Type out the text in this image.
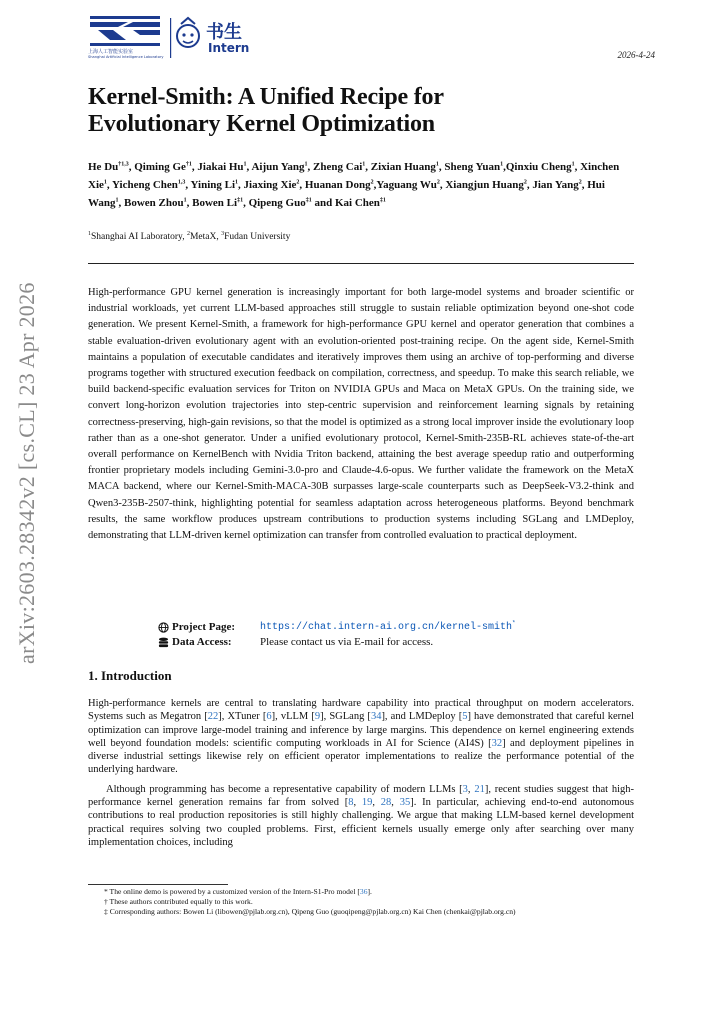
上海人工智能实验室
Shanghai Artificial Intelligence Laboratory
书生
Intern	2026-4-24
arXiv:2603.28342v2 [cs.CL] 23 Apr 2026
Kernel-Smith: A Unified Recipe for
Evolutionary Kernel Optimization
He Du$^{\dagger 1,3}$, Qiming Ge$^{\dagger 1}$, Jiakai Hu$^1$, Aijun Yang$^1$, Zheng Cai$^1$, Zixian Huang$^1$, Sheng Yuan$^1$,Qinxiu Cheng$^1$, Xinchen Xie$^1$, Yicheng Chen$^{1,3}$, Yining Li$^1$, Jiaxing Xie$^2$, Huanan Dong$^2$,Yaguang Wu$^2$, Xiangjun Huang$^2$, Jian Yang$^2$, Hui Wang$^1$, Bowen Zhou$^1$, Bowen Li$^{\ddagger 1}$, Qipeng Guo$^{\ddagger 1}$ and Kai Chen$^{\ddagger 1}$
$^1$Shanghai AI Laboratory, $^2$MetaX, $^3$Fudan University
High-performance GPU kernel generation is increasingly important for both large-model systems and broader scientific or industrial workloads, yet current LLM-based approaches still struggle to sustain reliable optimization beyond one-shot code generation. We present Kernel-Smith, a framework for high-performance GPU kernel and operator generation that combines a stable evaluation-driven evolutionary agent with an evolution-oriented post-training recipe. On the agent side, Kernel-Smith maintains a population of executable candidates and iteratively improves them using an archive of top-performing and diverse programs together with structured execution feedback on compilation, correctness, and speedup. To make this search reliable, we build backend-specific evaluation services for Triton on NVIDIA GPUs and Maca on MetaX GPUs. On the training side, we convert long-horizon evolution trajectories into step-centric supervision and reinforcement learning signals by retaining correctness-preserving, high-gain revisions, so that the model is optimized as a strong local improver inside the evolutionary loop rather than as a one-shot generator. Under a unified evolutionary protocol, Kernel-Smith-235B-RL achieves state-of-the-art overall performance on KernelBench with Nvidia Triton backend, attaining the best average speedup ratio and outperforming frontier proprietary models including Gemini-3.0-pro and Claude-4.6-opus. We further validate the framework on the MetaX MACA backend, where our Kernel-Smith-MACA-30B surpasses large-scale counterparts such as DeepSeek-V3.2-think and Qwen3-235B-2507-think, highlighting potential for seamless adaptation across heterogeneous platforms. Beyond benchmark results, the same workflow produces upstream contributions to production systems including SGLang and LMDeploy, demonstrating that LLM-driven kernel optimization can transfer from controlled evaluation to practical deployment.
Project Page: https://chat.intern-ai.org.cn/kernel-smith*
Data Access:	Please contact us via E-mail for access.
1. Introduction

High-performance kernels are central to translating hardware capability into practical throughput on modern accelerators. Systems such as Megatron [22], XTuner [6], vLLM [9], SGLang [34], and LMDeploy [5] have demonstrated that careful kernel optimization can improve large-model training and inference by large margins. This dependence on kernel engineering extends well beyond foundation models: scientific computing workloads in AI for Science (AI4S) [32] and deployment pipelines in diverse industrial settings likewise rely on efficient operator implementations to realize the performance potential of the underlying hardware.

Although programming has become a representative capability of modern LLMs [3, 21], recent studies suggest that high-performance kernel generation remains far from solved [8, 19, 28, 35]. In particular, achieving end-to-end autonomous contributions to real production repositories is still highly challenging. We argue that making LLM-based kernel development practical requires solving two coupled problems. First, efficient kernels usually emerge only after searching over many implementation choices, including

* The online demo is powered by a customized version of the Intern-S1-Pro model [36].
† These authors contributed equally to this work.
‡ Corresponding authors: Bowen Li (libowen@pjlab.org.cn), Qipeng Guo (guoqipeng@pjlab.org.cn) Kai Chen (chenkai@pjlab.org.cn)
